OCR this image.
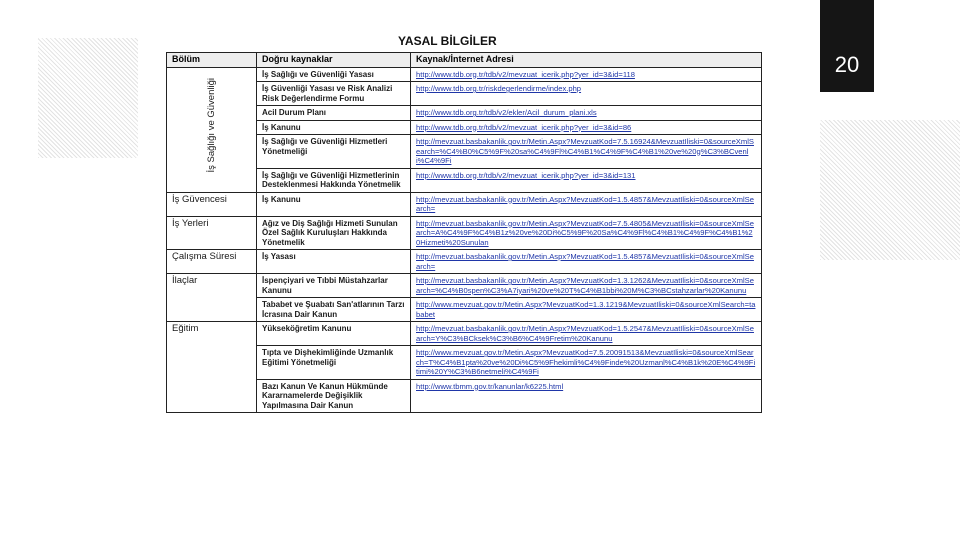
20
YASAL BİLGİLER
Bölüm	Doğru kaynaklar	Kaynak/İnternet Adresi

İş Sağlığı ve Güvenliği	İş Sağlığı ve Güvenliği Yasası	http://www.tdb.org.tr/tdb/v2/mevzuat_icerik.php?yer_id=3&id=118
	İş Güvenliği Yasası ve Risk Analizi Risk Değerlendirme Formu	http://www.tdb.org.tr/riskdegerlendirme/index.php
	Acil Durum Planı	http://www.tdb.org.tr/tdb/v2/ekler/Acil_durum_plani.xls
	İş Kanunu	http://www.tdb.org.tr/tdb/v2/mevzuat_icerik.php?yer_id=3&id=86
	İş Sağlığı ve Güvenliği Hizmetleri Yönetmeliği	http://mevzuat.basbakanlik.gov.tr/Metin.Aspx?MevzuatKod=7.5.16924&MevzuatIliski=0&sourceXmlSearch=%C4%B0%C5%9F%20sa%C4%9Fl%C4%B1%C4%9F%C4%B1%20ve%20g%C3%BCvenli%C4%9Fi
	İş Sağlığı ve Güvenliği Hizmetlerinin Desteklenmesi Hakkında Yönetmelik	http://www.tdb.org.tr/tdb/v2/mevzuat_icerik.php?yer_id=3&id=131
İş Güvencesi	İş Kanunu	http://mevzuat.basbakanlik.gov.tr/Metin.Aspx?MevzuatKod=1.5.4857&MevzuatIliski=0&sourceXmlSearch=
İş Yerleri	Ağız ve Diş Sağlığı Hizmeti Sunulan Özel Sağlık Kuruluşları Hakkında Yönetmelik	http://mevzuat.basbakanlik.gov.tr/Metin.Aspx?MevzuatKod=7.5.4805&MevzuatIliski=0&sourceXmlSearch=A%C4%9F%C4%B1z%20ve%20Di%C5%9F%20Sa%C4%9Fl%C4%B1%C4%9F%C4%B1%20Hizmeti%20Sunulan
Çalışma Süresi	İş Yasası	http://mevzuat.basbakanlik.gov.tr/Metin.Aspx?MevzuatKod=1.5.4857&MevzuatIliski=0&sourceXmlSearch=
İlaçlar	İspençiyari ve Tıbbi Müstahzarlar Kanunu	http://mevzuat.basbakanlik.gov.tr/Metin.Aspx?MevzuatKod=1.3.1262&MevzuatIliski=0&sourceXmlSearch=%C4%B0spen%C3%A7iyari%20ve%20T%C4%B1bbi%20M%C3%BCstahzarlar%20Kanunu
	Tababet ve Şuabatı San'atlarının Tarzı İcrasına Dair Kanun	http://www.mevzuat.gov.tr/Metin.Aspx?MevzuatKod=1.3.1219&MevzuatIliski=0&sourceXmlSearch=tababet
Eğitim	Yükseköğretim Kanunu	http://mevzuat.basbakanlik.gov.tr/Metin.Aspx?MevzuatKod=1.5.2547&MevzuatIliski=0&sourceXmlSearch=Y%C3%BCksek%C3%B6%C4%9Fretim%20Kanunu
	Tıpta ve Dişhekimliğinde Uzmanlık Eğitimi Yönetmeliği	http://www.mevzuat.gov.tr/Metin.Aspx?MevzuatKod=7.5.20091513&MevzuatIliski=0&sourceXmlSearch=T%C4%B1pta%20ve%20Di%C5%9Fhekimli%C4%9Finde%20Uzmanl%C4%B1k%20E%C4%9Fitimi%20Y%C3%B6netmeli%C4%9Fi
	Bazı Kanun Ve Kanun Hükmünde Kararnamelerde Değişiklik Yapılmasına Dair Kanun	http://www.tbmm.gov.tr/kanunlar/k6225.html
